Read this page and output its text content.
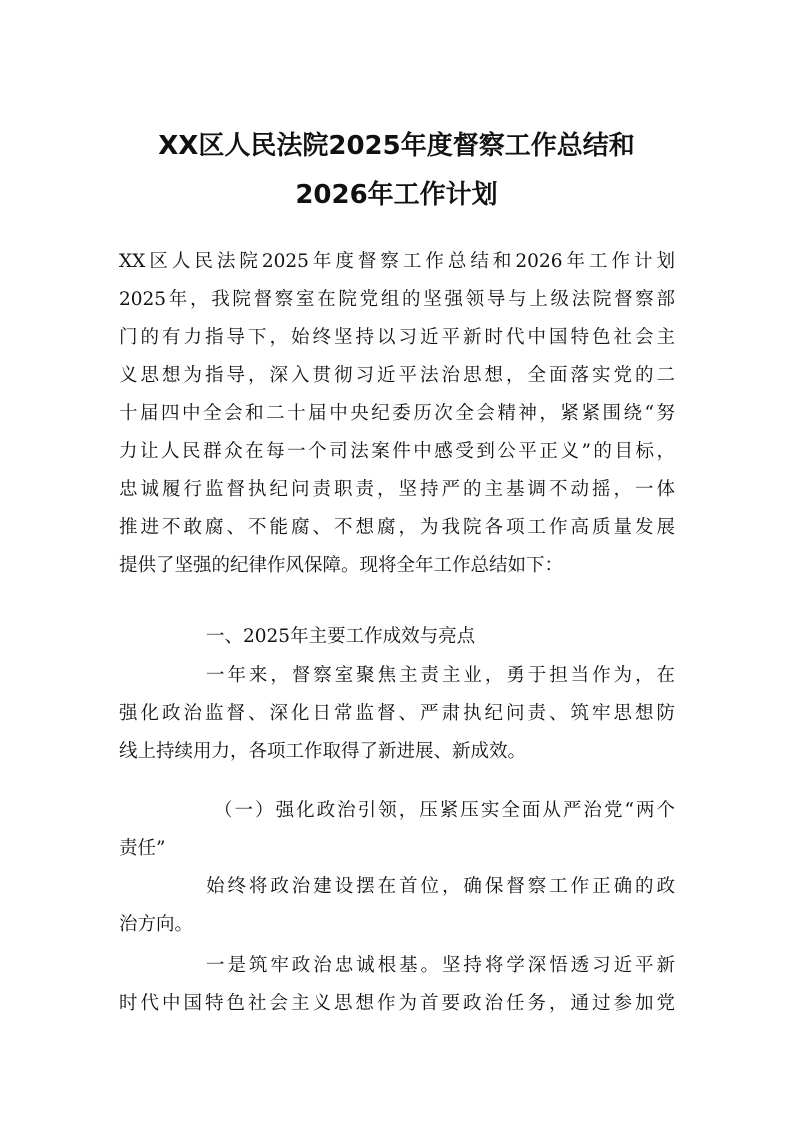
XX区人民法院2025年度督察工作总结和
2026年工作计划
XX区人民法院2025年度督察工作总结和2026年工作计划
2025年，我院督察室在院党组的坚强领导与上级法院督察部
门的有力指导下，始终坚持以习近平新时代中国特色社会主
义思想为指导，深入贯彻习近平法治思想，全面落实党的二
十届四中全会和二十届中央纪委历次全会精神，紧紧围绕“努
力让人民群众在每一个司法案件中感受到公平正义”的目标，
忠诚履行监督执纪问责职责，坚持严的主基调不动摇，一体
推进不敢腐、不能腐、不想腐，为我院各项工作高质量发展
提供了坚强的纪律作风保障。现将全年工作总结如下：
一、2025年主要工作成效与亮点
一年来，督察室聚焦主责主业，勇于担当作为，在
强化政治监督、深化日常监督、严肃执纪问责、筑牢思想防
线上持续用力，各项工作取得了新进展、新成效。
（一）强化政治引领，压紧压实全面从严治党“两个
责任”
始终将政治建设摆在首位，确保督察工作正确的政
治方向。
一是筑牢政治忠诚根基。坚持将学深悟透习近平新
时代中国特色社会主义思想作为首要政治任务，通过参加党
